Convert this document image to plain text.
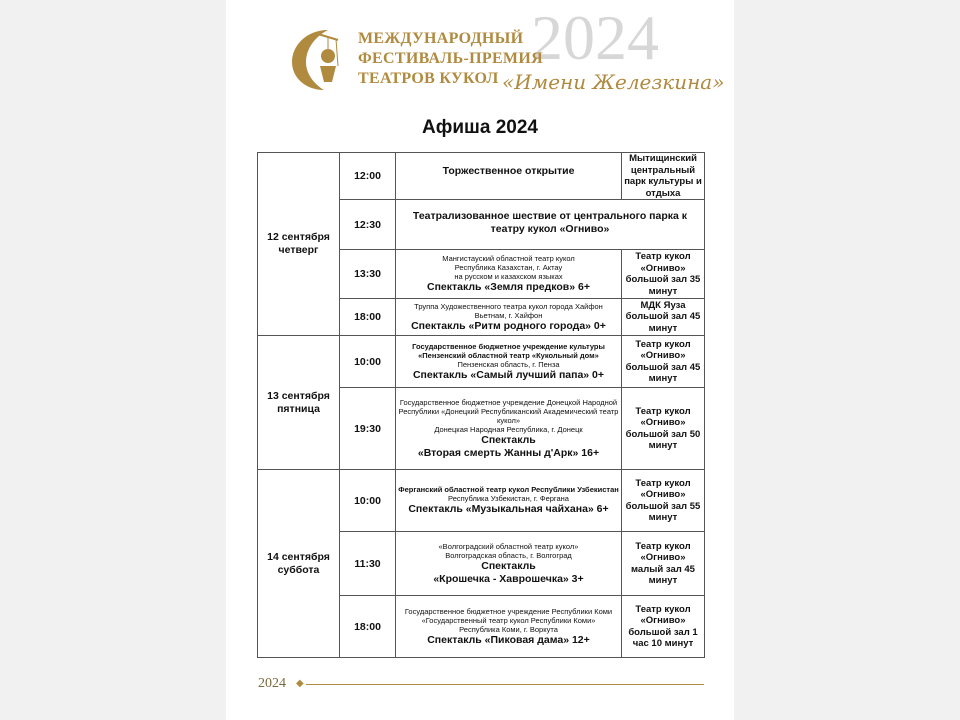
2024
МЕЖДУНАРОДНЫЙ
ФЕСТИВАЛЬ-ПРЕМИЯ
ТЕАТРОВ КУКОЛ «Имени Железкина»
Афиша 2024
12 сентября
четверг	12:00	Торжественное открытие	Мытищинский центральный парк культуры и отдыха
	12:30	Театрализованное шествие от центрального парка к театру кукол «Огниво»	

	13:30	Мангистауский областной театр кукол
Республика Казахстан, г. Актау
на русском и казахском языках
Спектакль «Земля предков» 6+	Театр кукол «Огниво» большой зал 35 минут
	18:00	Труппа Художественного театра кукол города Хайфон
Вьетнам, г. Хайфон
Спектакль «Ритм родного города» 0+	МДК Яуза большой зал 45 минут
13 сентября
пятница	10:00	Государственное бюджетное учреждение культуры «Пензенский областной театр «Кукольный дом»
Пензенская область, г. Пенза
Спектакль «Самый лучший папа» 0+	Театр кукол «Огниво» большой зал 45 минут
	19:30	Государственное бюджетное учреждение Донецкой Народной Республики «Донецкий Республиканский Академический театр кукол»
Донецкая Народная Республика, г. Донецк
Спектакль
«Вторая смерть Жанны д'Арк» 16+	Театр кукол «Огниво» большой зал 50 минут
14 сентября
суббота	10:00	Ферганский областной театр кукол Республики Узбекистан
Республика Узбекистан, г. Фергана
Спектакль «Музыкальная чайхана» 6+	Театр кукол «Огниво» большой зал 55 минут
	11:30	«Волгоградский областной театр кукол»
Волгоградская область, г. Волгоград
Спектакль
«Крошечка - Хаврошечка» 3+	Театр кукол «Огниво» малый зал 45 минут
	18:00	Государственное бюджетное учреждение Республики Коми «Государственный театр кукол Республики Коми»
Республика Коми, г. Воркута
Спектакль «Пиковая дама» 12+	Театр кукол «Огниво» большой зал 1 час 10 минут
2024 ◆
